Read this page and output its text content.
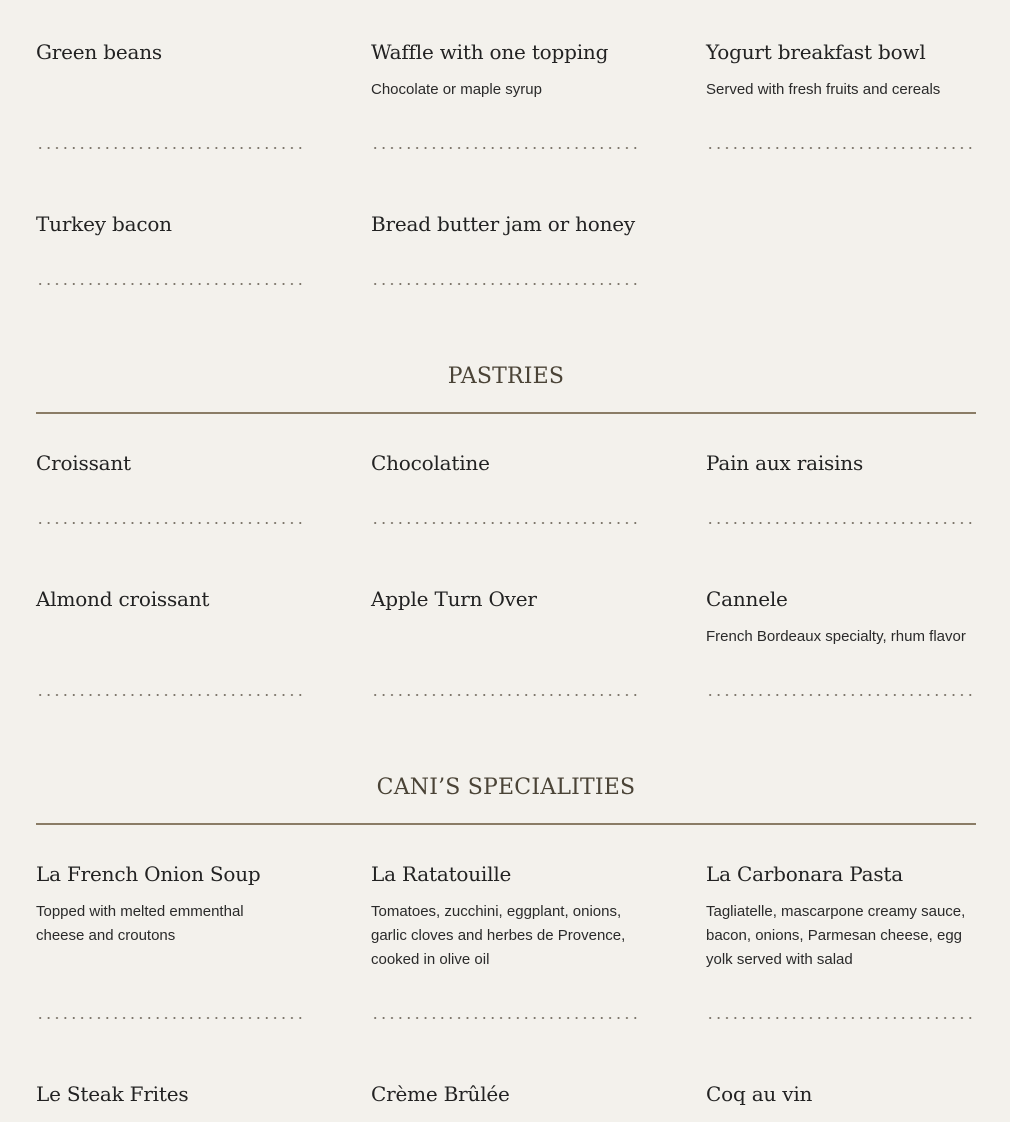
Green beans	Waffle with one topping
Chocolate or maple syrup
Yogurt breakfast bowl
Served with fresh fruits and cereals
Turkey bacon	Bread butter jam or honey
PASTRIES
Croissant	Chocolatine	Pain aux raisins
Almond croissant	Apple Turn Over	Cannele
French Bordeaux specialty, rhum flavor
CANI’S SPECIALITIES
La French Onion Soup
Topped with melted emmenthal cheese and croutons
La Ratatouille
Tomatoes, zucchini, eggplant, onions, garlic cloves and herbes de Provence, cooked in olive oil
La Carbonara Pasta
Tagliatelle, mascarpone creamy sauce, bacon, onions, Parmesan cheese, egg yolk served with salad
Le Steak Frites	Crème Brûlée	Coq au vin
